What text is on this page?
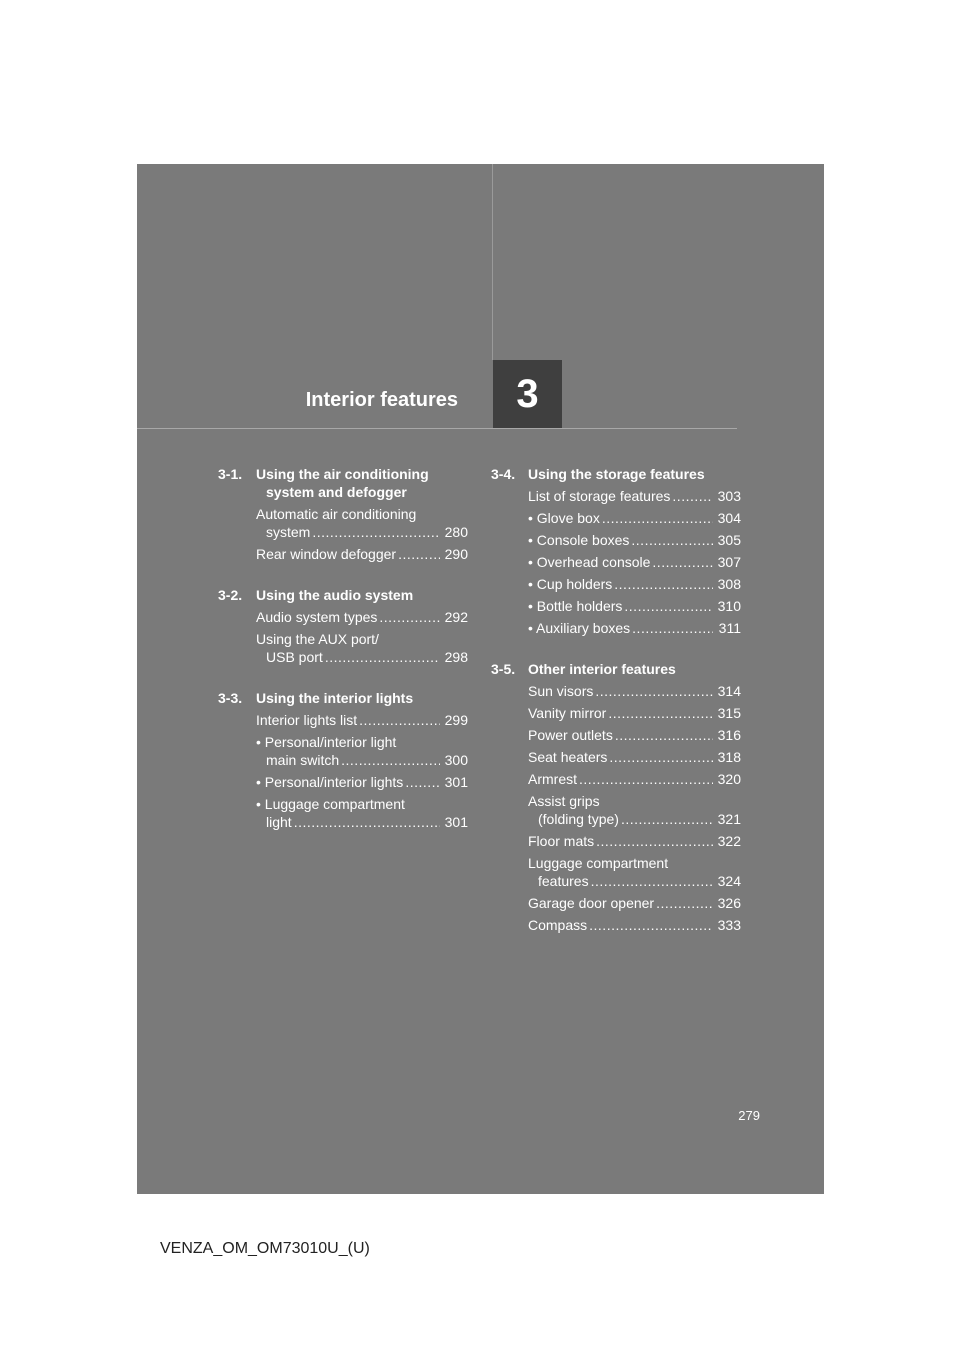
Interior features	3
3-1. Using the air conditioning
system and defogger
Automatic air conditioning
system .....	280
Rear window defogger .....	290
3-2. Using the audio system
Audio system types .....	292
Using the AUX port/
USB port .....	298
3-3. Using the interior lights
Interior lights list .....	299
• Personal/interior light
main switch .....	300
• Personal/interior lights .....	301
• Luggage compartment
light .....	301
3-4. Using the storage features
List of storage features .....	303
• Glove box .....	304
• Console boxes .....	305
• Overhead console .....	307
• Cup holders .....	308
• Bottle holders .....	310
• Auxiliary boxes .....	311
3-5. Other interior features
Sun visors .....	314
Vanity mirror .....	315
Power outlets .....	316
Seat heaters .....	318
Armrest .....	320
Assist grips
(folding type) .....	321
Floor mats .....	322
Luggage compartment
features .....	324
Garage door opener .....	326
Compass .....	333
279
VENZA_OM_OM73010U_(U)
